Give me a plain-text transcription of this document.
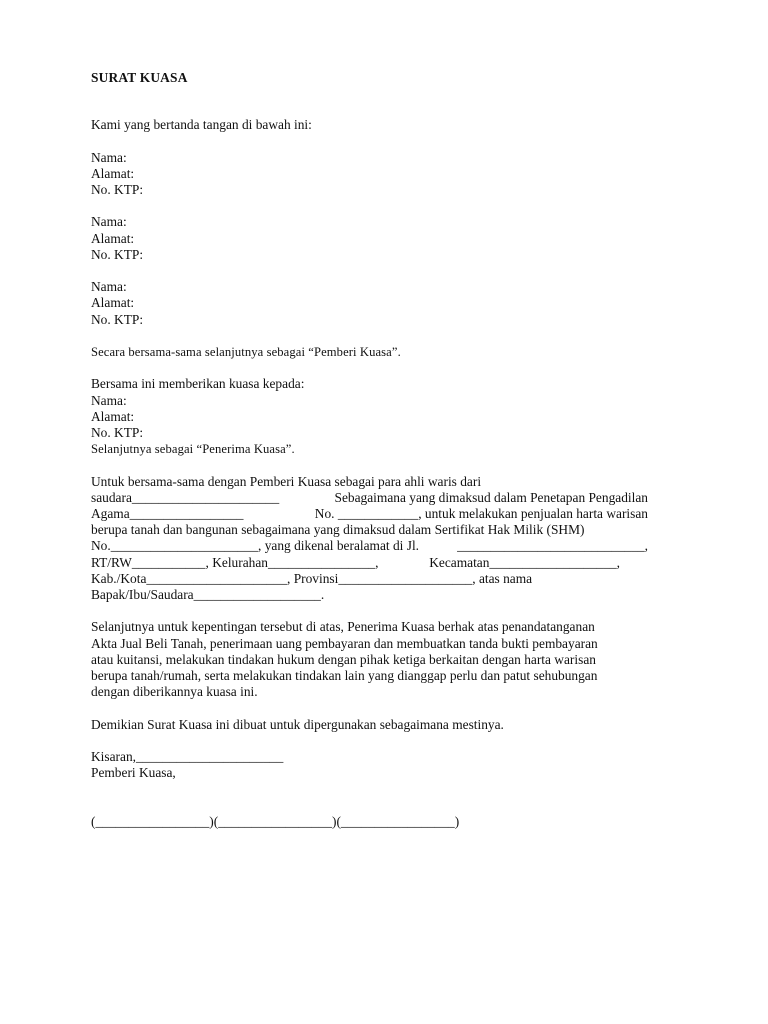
SURAT KUASA
Kami yang bertanda tangan di bawah ini:
Nama:
Alamat:
No. KTP:
Nama:
Alamat:
No. KTP:
Nama:
Alamat:
No. KTP:
Secara bersama-sama selanjutnya sebagai “Pemberi Kuasa”.
Bersama ini memberikan kuasa kepada:
Nama:
Alamat:
No. KTP:
Selanjutnya sebagai “Penerima Kuasa”.
Untuk bersama-sama dengan Pemberi Kuasa sebagai para ahli waris dari
saudara______________________	Sebagaimana yang dimaksud dalam Penetapan Pengadilan
Agama_________________	No. ____________, untuk melakukan penjualan harta warisan
berupa tanah dan bangunan sebagaimana yang dimaksud dalam Sertifikat Hak Milik (SHM)
No.______________________, yang dikenal beralamat di Jl.	____________________________,
RT/RW___________, Kelurahan________________,	Kecamatan___________________,
Kab./Kota_____________________, Provinsi____________________, atas nama
Bapak/Ibu/Saudara___________________.
Selanjutnya untuk kepentingan tersebut di atas, Penerima Kuasa berhak atas penandatanganan
Akta Jual Beli Tanah, penerimaan uang pembayaran dan membuatkan tanda bukti pembayaran
atau kuitansi, melakukan tindakan hukum dengan pihak ketiga berkaitan dengan harta warisan
berupa tanah/rumah, serta melakukan tindakan lain yang dianggap perlu dan patut sehubungan
dengan diberikannya kuasa ini.
Demikian Surat Kuasa ini dibuat untuk dipergunakan sebagaimana mestinya.
Kisaran,______________________
Pemberi Kuasa,
(_________________)(_________________)(_________________)
